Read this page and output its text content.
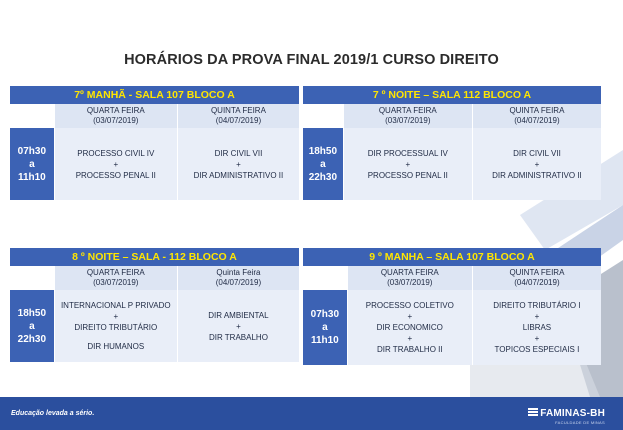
HORÁRIOS DA PROVA FINAL 2019/1 CURSO DIREITO
7º MANHÃ - SALA 107 BLOCO A
QUARTA FEIRA
(03/07/2019)
QUINTA FEIRA
(04/07/2019)
07h30
a
11h10
PROCESSO CIVIL IV
+
PROCESSO PENAL II
DIR CIVIL VII
+
DIR ADMINISTRATIVO II
7 º NOITE – SALA 112 BLOCO A
QUARTA FEIRA
(03/07/2019)
QUINTA FEIRA
(04/07/2019)
18h50
a
22h30
DIR PROCESSUAL IV
+
PROCESSO PENAL II
DIR CIVIL VII
+
DIR ADMINISTRATIVO II
8 º NOITE – SALA - 112 BLOCO A
QUARTA FEIRA
(03/07/2019)
Quinta Feira
(04/07/2019)
18h50
a
22h30
INTERNACIONAL P PRIVADO
+
DIREITO TRIBUTÁRIO
DIR HUMANOS
DIR AMBIENTAL
+
DIR TRABALHO
9 º MANHA – SALA 107 BLOCO A
QUARTA FEIRA
(03/07/2019)
QUINTA FEIRA
(04/07/2019)
07h30
a
11h10
PROCESSO COLETIVO
+
DIR ECONOMICO
+
DIR TRABALHO II
DIREITO TRIBUTÁRIO I
+
LIBRAS
+
TOPICOS ESPECIAIS I
Educação levada a sério.	FAMINAS-BH
FACULDADE DE MINAS
